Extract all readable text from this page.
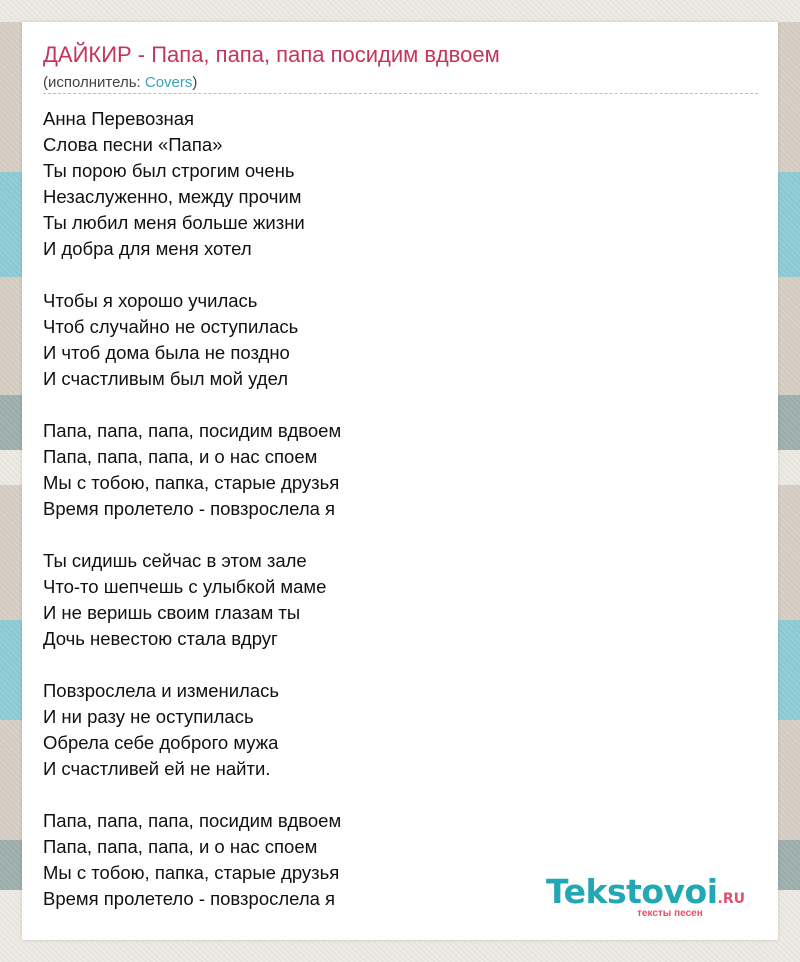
ДАЙКИР - Папа, папа, папа посидим вдвоем
(исполнитель: Covers)
Анна Перевозная
Слова песни «Папа»
Ты порою был строгим очень
Незаслуженно, между прочим
Ты любил меня больше жизни
И добра для меня хотел
Чтобы я хорошо училась
Чтоб случайно не оступилась
И чтоб дома была не поздно
И счастливым был мой удел
Папа, папа, папа, посидим вдвоем
Папа, папа, папа, и о нас споем
Мы с тобою, папка, старые друзья
Время пролетело - повзрослела я
Ты сидишь сейчас в этом зале
Что-то шепчешь с улыбкой маме
И не веришь своим глазам ты
Дочь невестою стала вдруг
Повзрослела и изменилась
И ни разу не оступилась
Обрела себе доброго мужа
И счастливей ей не найти.
Папа, папа, папа, посидим вдвоем
Папа, папа, папа, и о нас споем
Мы с тобою, папка, старые друзья
Время пролетело - повзрослела я	Tekstovoi.RU
тексты песен
